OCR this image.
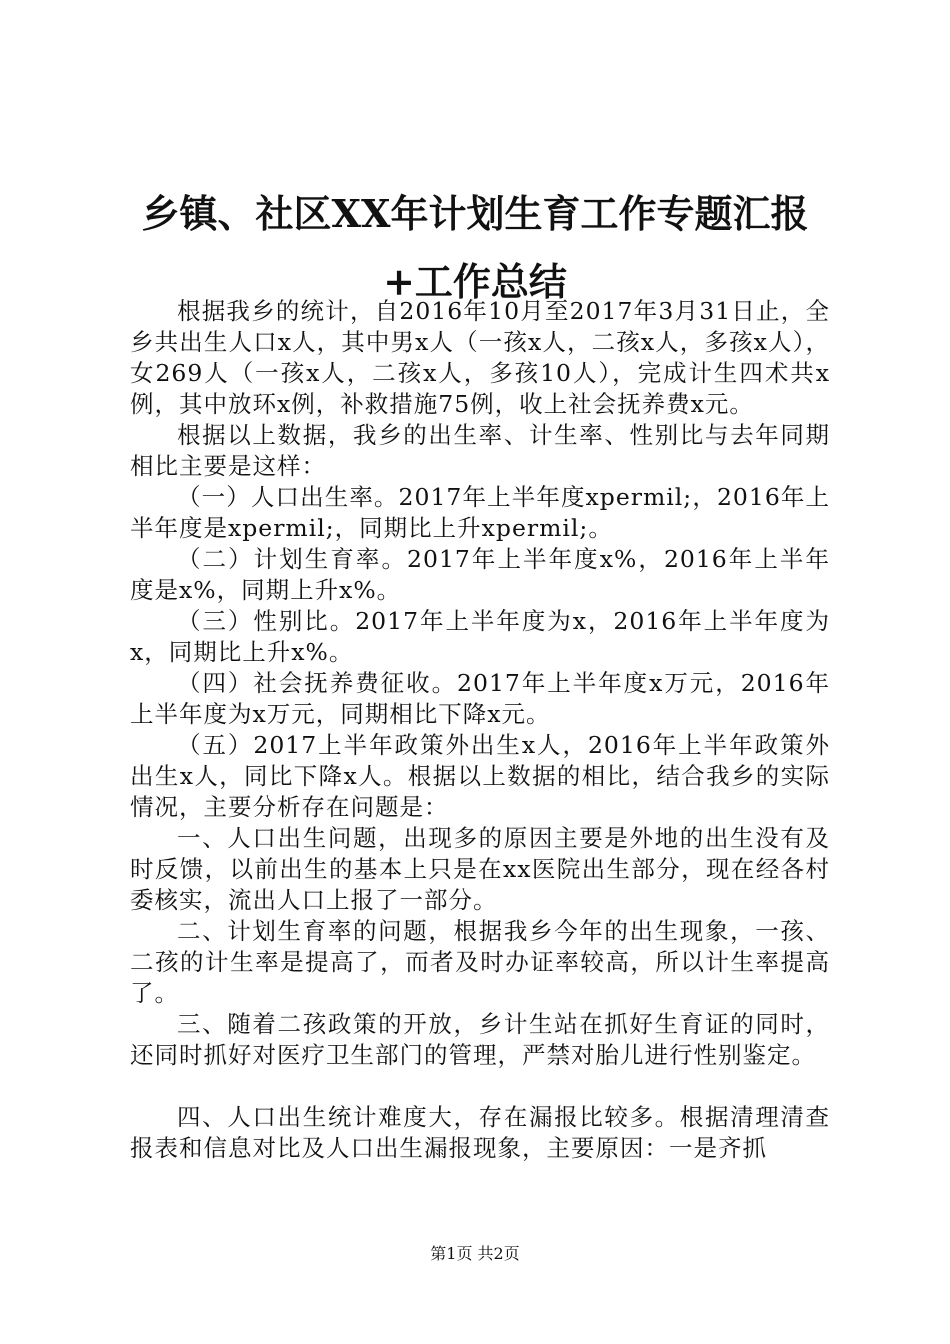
乡镇、社区XX年计划生育工作专题汇报+工作总结

根据我乡的统计，自2016年10月至2017年3月31日止，全乡共出生人口x人，其中男x人（一孩x人，二孩x人，多孩x人），女269人（一孩x人，二孩x人，多孩10人），完成计生四术共x例，其中放环x例，补救措施75例，收上社会抚养费x元。

根据以上数据，我乡的出生率、计生率、性别比与去年同期相比主要是这样：

（一）人口出生率。2017年上半年度xpermil;，2016年上半年度是xpermil;，同期比上升xpermil;。

（二）计划生育率。2017年上半年度x%，2016年上半年度是x%，同期上升x%。

（三）性别比。2017年上半年度为x，2016年上半年度为x，同期比上升x%。

（四）社会抚养费征收。2017年上半年度x万元，2016年上半年度为x万元，同期相比下降x元。

（五）2017上半年政策外出生x人，2016年上半年政策外出生x人，同比下降x人。根据以上数据的相比，结合我乡的实际情况，主要分析存在问题是：

一、人口出生问题，出现多的原因主要是外地的出生没有及时反馈，以前出生的基本上只是在xx医院出生部分，现在经各村委核实，流出人口上报了一部分。

二、计划生育率的问题，根据我乡今年的出生现象，一孩、二孩的计生率是提高了，而者及时办证率较高，所以计生率提高了。

三、随着二孩政策的开放，乡计生站在抓好生育证的同时，还同时抓好对医疗卫生部门的管理，严禁对胎儿进行性别鉴定。

四、人口出生统计难度大，存在漏报比较多。根据清理清查报表和信息对比及人口出生漏报现象，主要原因：一是齐抓

第1页 共2页
